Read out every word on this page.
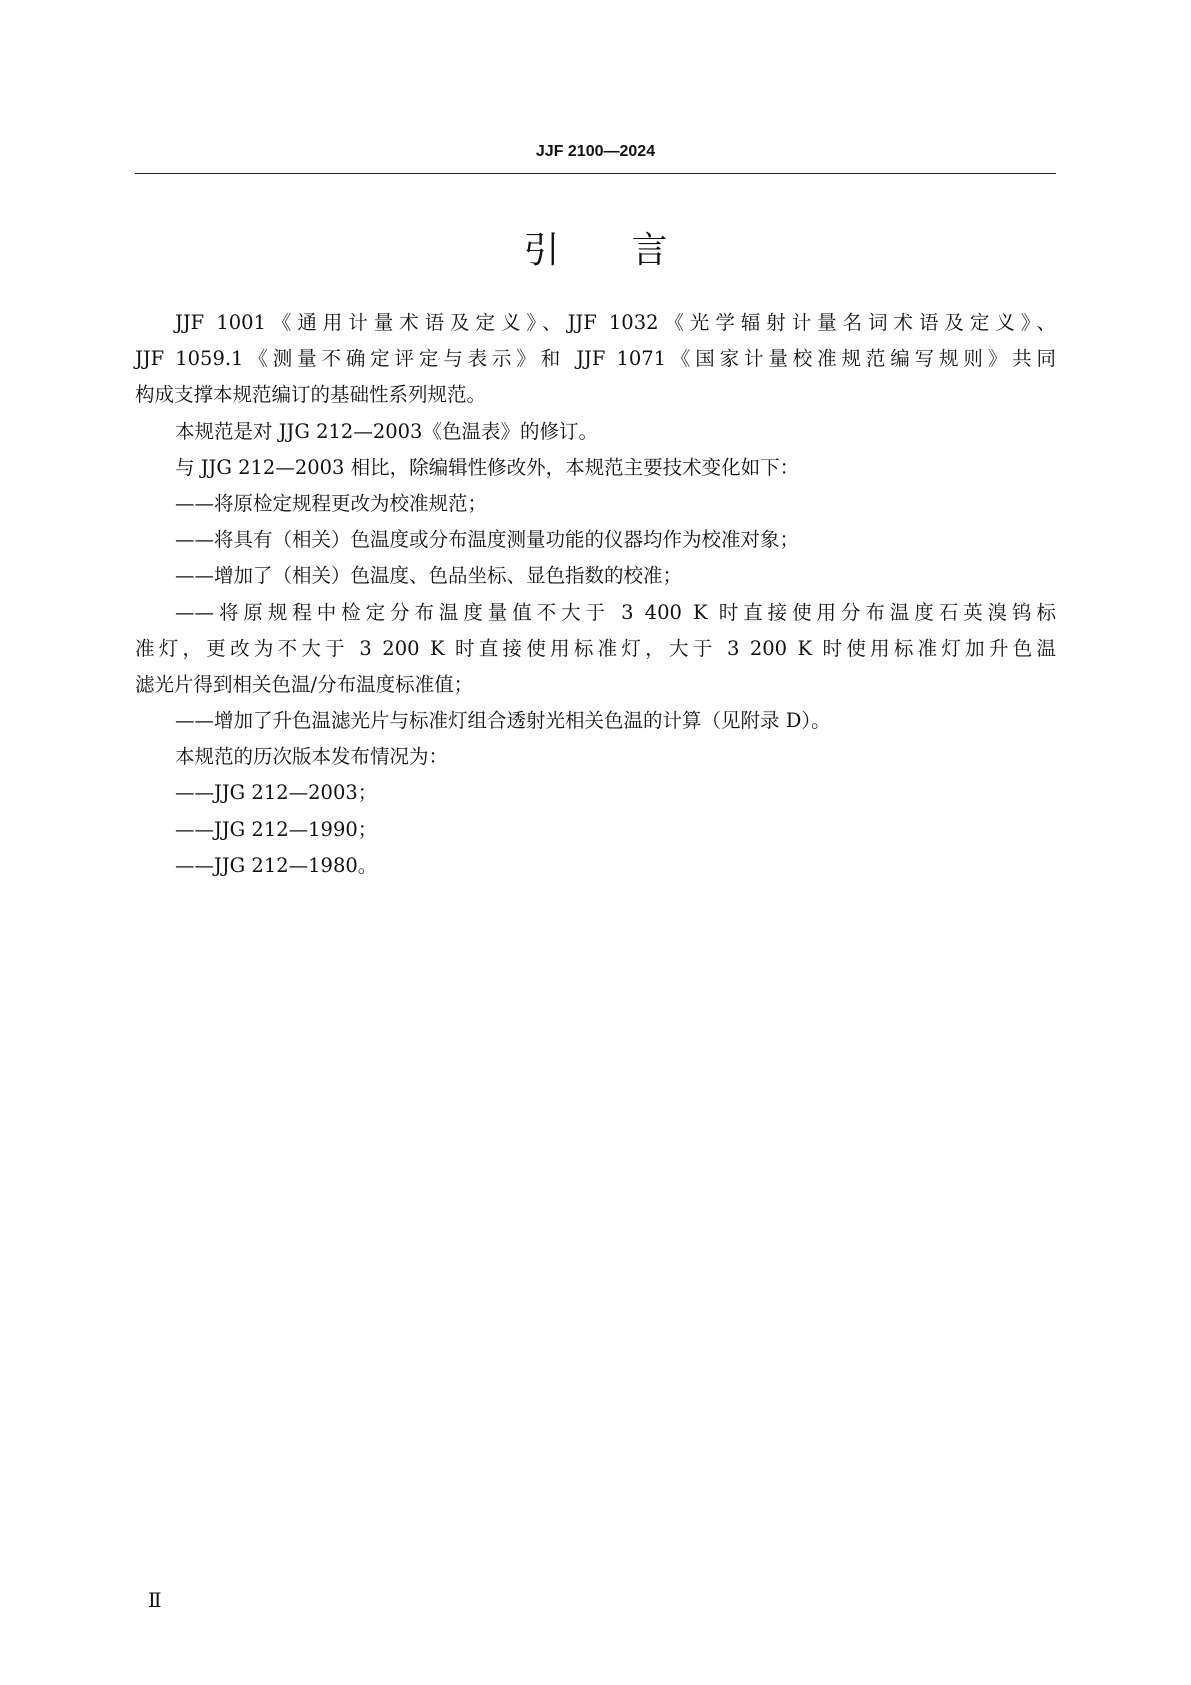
JJF 2100—2024
引言
JJF 1001《通用计量术语及定义》、JJF 1032《光学辐射计量名词术语及定义》、
JJF 1059.1《测量不确定评定与表示》和 JJF 1071《国家计量校准规范编写规则》共同
构成支撑本规范编订的基础性系列规范。
本规范是对 JJG 212—2003《色温表》的修订。
与 JJG 212—2003 相比，除编辑性修改外，本规范主要技术变化如下：
——将原检定规程更改为校准规范；
——将具有（相关）色温度或分布温度测量功能的仪器均作为校准对象；
——增加了（相关）色温度、色品坐标、显色指数的校准；
——将原规程中检定分布温度量值不大于 3 400 K 时直接使用分布温度石英溴钨标
准灯，更改为不大于 3 200 K 时直接使用标准灯，大于 3 200 K 时使用标准灯加升色温
滤光片得到相关色温/分布温度标准值；
——增加了升色温滤光片与标准灯组合透射光相关色温的计算（见附录 D）。
本规范的历次版本发布情况为：
——JJG 212—2003；
——JJG 212—1990；
——JJG 212—1980。
Ⅱ
